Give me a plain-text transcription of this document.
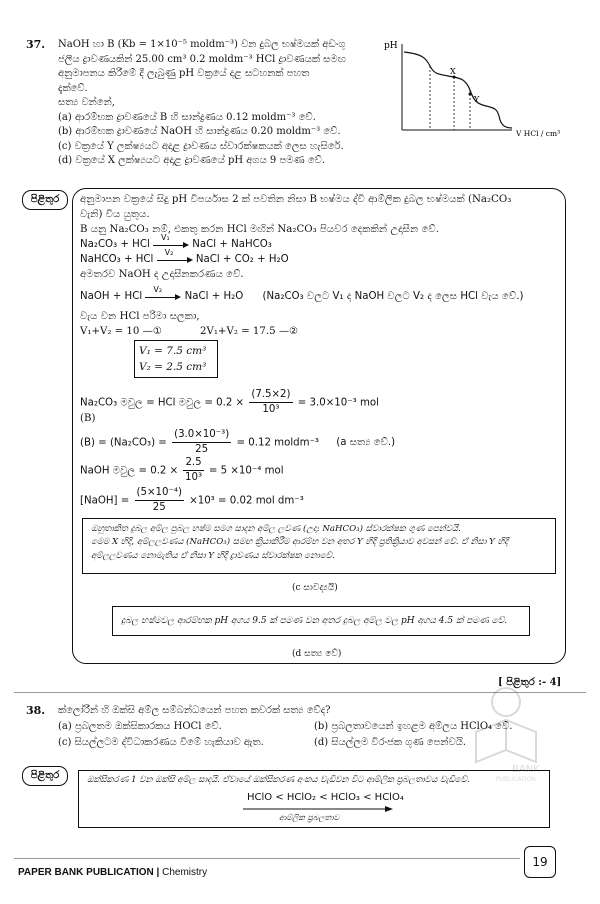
37. NaOH හා B (Kb = 1×10⁻⁵ moldm⁻³) වන දුබල භෂ්මයක් අඩංගු
ජලීය ද්‍රාවණයකින් 25.00 cm³ 0.2 moldm⁻³ HCl ද්‍රාවණයක් සමඟ
අනුමාපනය කිරීමේ දී ලැබුණු pH වක්‍රයේ දළ සටහනක් පහත
දැක්වේ.
සත්‍ය වන්නේ,
(a) ආරම්භක ද්‍රාවණයේ B හි සාන්ද්‍රණය 0.12 moldm⁻³ වේ.
(b) ආරම්භක ද්‍රාවණයේ NaOH හි සාන්ද්‍රණය 0.20 moldm⁻³ වේ.
(c) වක්‍රයේ Y ලක්ෂ්‍යයට අදාළ ද්‍රාවණය ස්වාරක්ෂකයක් ලෙස හැසිරේ.
(d) වක්‍රයේ X ලක්ෂ්‍යයට අදාළ ද්‍රාවණයේ pH අගය 9 පමණ වේ.
pH
V HCl / cm³
X
Y
පිළිතුර	අනුමාපන වක්‍රයේ සිදු pH විපර්යාස 2 ක් පවතින නිසා B භෂ්මය ද්වි ආම්ලික දුබල භෂ්මයක් (Na₂CO₃
වැනි) විය යුතුය.
B යනු Na₂CO₃ නම්, එකතු කරන HCl මඟින් Na₂CO₃ පියවර දෙකකින් උදාසීන වේ.
Na₂CO₃ + HCl
V₁
NaCl + NaHCO₃
NaHCO₃ + HCl
V₂
NaCl + CO₂ + H₂O
අමතරව NaOH ද උදාසීනකරණය වේ.
NaOH + HCl
V₂
NaCl + H₂O (Na₂CO₃ වලට V₁ ද NaOH වලට V₂ ද ලෙස HCl වැය වේ.)
වැය වන HCl පරිමා සලකා,
V₁+V₂ = 10 —①	2V₁+V₂ = 17.5 —②
V₁ = 7.5 cm³
V₂ = 2.5 cm³
Na₂CO₃ මවුල = HCl මවුල = $0.2 \times \frac{(7.5\times 2)}{\text{10³}} = 3.0\times 10^{-3}$ mol
(B)
$(B) = (Na_2CO_3) = \frac{\text{(3.0×10⁻³)}}{25} = 0.12$ moldm⁻³ (a සත්‍ය වේ.)
NaOH මවුල = $0.2 \times \frac{2.5}{\text{10³}} = 5 \times 10^{-4}$ mol
[NaOH] = $\frac{\text{(5×10⁻⁴)}}{25} \times 10^3 = 0.02$ mol dm⁻³
ඔහුතාකිත දුබල අම්ල පුබල හෂ්ම සමග සාදන අම්ල ලවණ (උදා: NaHCO₃) ස්වාරක්ෂක ගුණ පෙන්වයි.
මෙම X හිදී, අම්ලලවණය (NaHCO₃) සමඟ ක්‍රියාකිරීම ආරම්භ වන අතර Y හිදී ප්‍රතික්‍රියාව අවසන් වේ. ඒ නිසා Y හිදී
අම්ලලවණය නොමැතිය ඒ නිසා Y හිදී ද්‍රාවණය ස්වාරක්ෂක නොවේ.
(c සාවද්‍යයි)
දුබල භෂ්මවල ආරම්භක pH අගය 9.5 ක් පමණ වන අතර දුබල අම්ල වල pH අගය 4.5 ක් පමණ වේ.
(d සත්‍ය වේ)
[ පිළිතුර :- 4]
38. ක්ලෝරීන් හි ඔක්සි අම්ල සම්බන්ධයෙන් පහත කවරක් සත්‍ය වේද?
(a) ප්‍රබලතම ඔක්සිකාරකය HOCl වේ.	(b) ප්‍රබලතාවයෙන් ඉහළම අම්ලය HClO₄ වේ.
(c) සියල්ලටම ද්විධාකරණය වීමේ හැකියාව ඇත.	(d) සියල්ලම විරංජක ගුණ පෙන්වයි.
පිළිතුර	ඔක්සිකරණ 1 වන ඔක්සි අම්ල සාදයි. ඒවායේ ඔක්සිකරණ අංකය වැඩිවන විට ආම්ලික ප්‍රබලතාවය වැඩිවේ.
HClO < HClO₂ < HClO₃ < HClO₄
ආම්ලික ප්‍රබලතාව
BANK
PUBLICATION
PAPER BANK PUBLICATION | Chemistry
19
